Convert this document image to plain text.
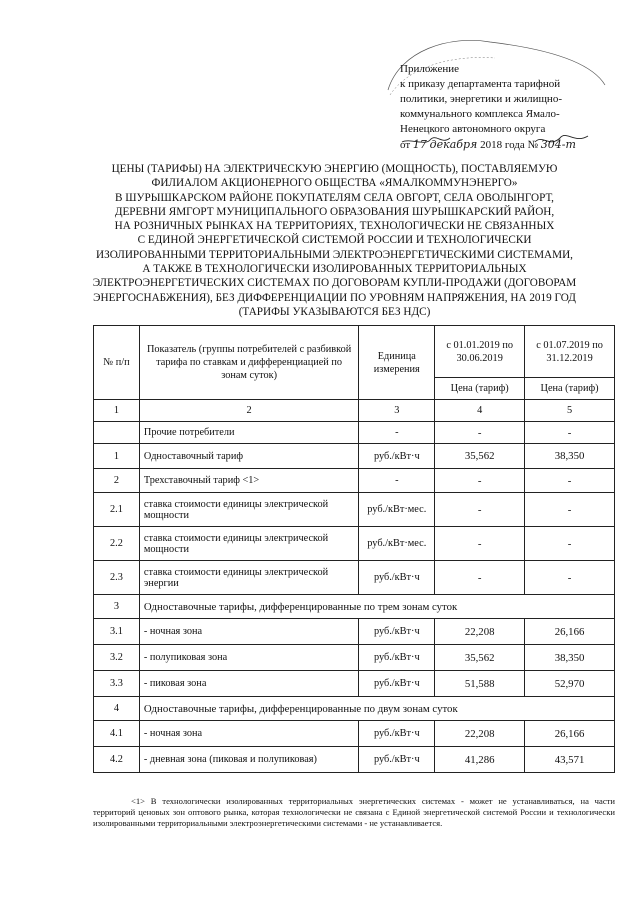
Приложение
к приказу департамента тарифной
политики, энергетики и жилищно-
коммунального комплекса Ямало-
Ненецкого автономного округа
от 17 декабря 2018 года № 304-т
ЦЕНЫ (ТАРИФЫ) НА ЭЛЕКТРИЧЕСКУЮ ЭНЕРГИЮ (МОЩНОСТЬ), ПОСТАВЛЯЕМУЮ
ФИЛИАЛОМ АКЦИОНЕРНОГО ОБЩЕСТВА «ЯМАЛКОММУНЭНЕРГО»
В ШУРЫШКАРСКОМ РАЙОНЕ ПОКУПАТЕЛЯМ СЕЛА ОВГОРТ, СЕЛА ОВОЛЫНГОРТ,
ДЕРЕВНИ ЯМГОРТ МУНИЦИПАЛЬНОГО ОБРАЗОВАНИЯ ШУРЫШКАРСКИЙ РАЙОН,
НА РОЗНИЧНЫХ РЫНКАХ НА ТЕРРИТОРИЯХ, ТЕХНОЛОГИЧЕСКИ НЕ СВЯЗАННЫХ
С ЕДИНОЙ ЭНЕРГЕТИЧЕСКОЙ СИСТЕМОЙ РОССИИ И ТЕХНОЛОГИЧЕСКИ
ИЗОЛИРОВАННЫМИ ТЕРРИТОРИАЛЬНЫМИ ЭЛЕКТРОЭНЕРГЕТИЧЕСКИМИ СИСТЕМАМИ,
А ТАКЖЕ В ТЕХНОЛОГИЧЕСКИ ИЗОЛИРОВАННЫХ ТЕРРИТОРИАЛЬНЫХ
ЭЛЕКТРОЭНЕРГЕТИЧЕСКИХ СИСТЕМАХ ПО ДОГОВОРАМ КУПЛИ-ПРОДАЖИ (ДОГОВОРАМ
ЭНЕРГОСНАБЖЕНИЯ), БЕЗ ДИФФЕРЕНЦИАЦИИ ПО УРОВНЯМ НАПРЯЖЕНИЯ, НА 2019 ГОД
(ТАРИФЫ УКАЗЫВАЮТСЯ БЕЗ НДС)
№ п/п	Показатель (группы потребителей с разбивкой тарифа по ставкам и дифференциацией по зонам суток)	Единица измерения	с 01.01.2019 по 30.06.2019	с 01.07.2019 по 31.12.2019
			Цена (тариф)	Цена (тариф)
1	2	3	4	5
	Прочие потребители	-	-	-
1	Одноставочный тариф	руб./кВт·ч	35,562	38,350
2	Трехставочный тариф <1>	-	-	-
2.1	ставка стоимости единицы электрической мощности	руб./кВт·мес.	-	-
2.2	ставка стоимости единицы электрической мощности	руб./кВт·мес.	-	-
2.3	ставка стоимости единицы электрической энергии	руб./кВт·ч	-	-
3	Одноставочные тарифы, дифференцированные по трем зонам суток			
3.1	- ночная зона	руб./кВт·ч	22,208	26,166
3.2	- полупиковая зона	руб./кВт·ч	35,562	38,350
3.3	- пиковая зона	руб./кВт·ч	51,588	52,970
4	Одноставочные тарифы, дифференцированные по двум зонам суток			
4.1	- ночная зона	руб./кВт·ч	22,208	26,166
4.2	- дневная зона (пиковая и полупиковая)	руб./кВт·ч	41,286	43,571
<1> В технологически изолированных территориальных энергетических системах - может не устанавливаться, на части территорий ценовых зон оптового рынка, которая технологически не связана с Единой энергетической системой России и технологически изолированными территориальными электроэнергетическими системами - не устанавливается.
